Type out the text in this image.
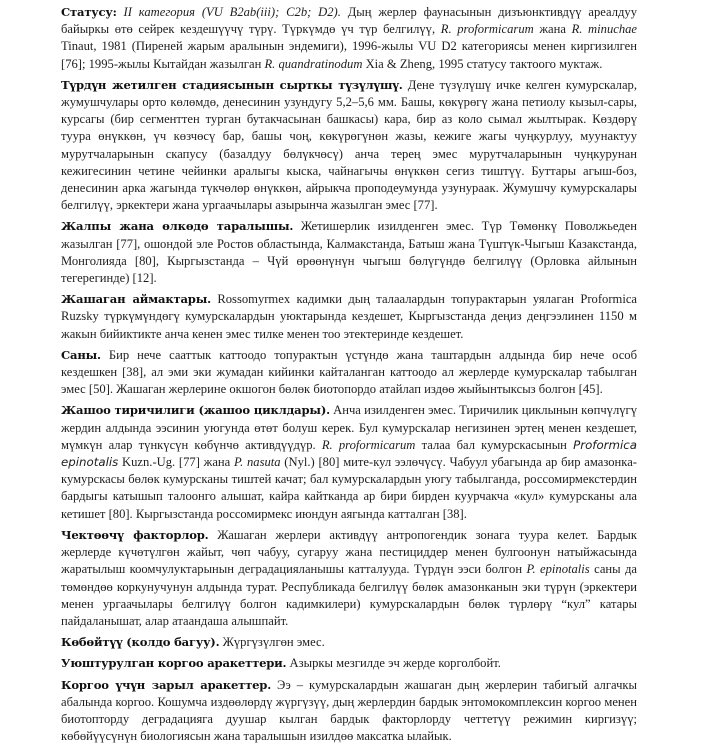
Статусу: II категория (VU B2ab(iii); C2b; D2). Дың жерлер фаунасынын дизъюнктивдүү ареалдуу байыркы өтө сейрек кездешүүчү түрү. Түркүмдө үч түр белгилүү, R. proformicarum жана R. minuchae Tinaut, 1981 (Пиреней жарым аралынын эндемиги), 1996-жылы VU D2 категориясы менен киргизилген [76]; 1995-жылы Кытайдан жазылган R. quandratinodum Xia & Zheng, 1995 статусу тактоого муктаж.

Түрдүн жетилген стадиясынын сырткы түзүлүшү. Дене түзүлүшү ичке келген кумурскалар, жумушчулары орто көлөмдө, денесинин узундугу 5,2–5,6 мм. Башы, көкүрөгү жана петиолу кызыл-сары, курсагы (бир сегменттен турган бутакчасынан башкасы) кара, бир аз коло сымал жылтырак. Көздөрү туура өнүккөн, үч көзчөсү бар, башы чоң, көкүрөгүнөн жазы, кежиге жагы чуңкурлуу, муунактуу мурутчаларынын скапусу (базалдуу бөлүкчөсү) анча терең эмес мурутчаларынын чуңкурунан кежигесинин четине чейинки аралыгы кыска, чайнагычы өнүккөн сегиз тиштүү. Буттары агыш-боз, денесинин арка жагында түкчөлөр өнүккөн, айрыкча проподеумунда узунураак. Жумушчу кумурскалары белгилүү, эркектери жана ургаачылары азырынча жазылган эмес [77].

Жалпы жана өлкөдө таралышы. Жетишерлик изилденген эмес. Түр Төмөнкү Поволжьеден жазылган [77], ошондой эле Ростов областында, Калмакстанда, Батыш жана Түштүк-Чыгыш Казакстанда, Монголияда [80], Кыргызстанда – Чүй өрөөнүнүн чыгыш бөлүгүндө белгилүү (Орловка айлынын тегерегинде) [12].

Жашаган аймактары. Rossomyrmex кадимки дың талаалардын топурактарын уялаган Proformica Ruzsky түркүмүндөгү кумурскалардын уюктарында кездешет, Кыргызстанда деңиз деңгээлинен 1150 м жакын бийиктикте анча кенен эмес тилке менен тоо этектеринде кездешет.

Саны. Бир нече сааттык каттоодо топурактын үстүндө жана таштардын алдында бир нече особ кездешкен [38], ал эми эки жумадан кийинки кайталанган каттоодо ал жерлерде кумурскалар табылган эмес [50]. Жашаган жерлерине окшогон бөлөк биотопордо атайлап издөө жыйынтыксыз болгон [45].

Жашоо тиричилиги (жашоо циклдары). Анча изилденген эмес. Тиричилик циклынын көпчүлүгү жердин алдында ээсинин уюгунда өтөт болуш керек. Бул кумурскалар негизинен эртең менен кездешет, мүмкүн алар түнкүсүн көбүнчө активдүүдүр. R. proformicarum талаа бал кумурскасынын Proformica epinotalis Kuzn.-Ug. [77] жана P. nasuta (Nyl.) [80] мите-кул ээлөчүсү. Чабуул убагында ар бир амазонка-кумурскасы бөлөк кумурсканы тиштей качат; бал кумурскалардын уюгу табылганда, россомирмекстердин бардыгы катышып талоонго алышат, кайра кайтканда ар бири бирден куурчакча «кул» кумурсканы ала кетишет [80]. Кыргызстанда россомирмекс июндун аягында катталган [38].

Чектөөчү факторлор. Жашаган жерлери активдүү антропогендик зонага туура келет. Бардык жерлерде күчөтүлгөн жайыт, чөп чабуу, сугаруу жана пестициддер менен булгоонун натыйжасында жаратылыш коомчулуктарынын деградацияланышы катталууда. Түрдүн ээси болгон P. epinotalis саны да төмөндөө коркунучунун алдында турат. Республикада белгилүү бөлөк амазонканын эки түрүн (эркектери менен ургаачылары белгилүү болгон кадимкилери) кумурскалардын бөлөк түрлөрү “кул” катары пайдаланышат, алар атаандаша алышпайт.

Көбөйтүү (колдо багуу). Жүргүзүлгөн эмес.

Уюштурулган коргоо аракеттери. Азыркы мезгилде эч жерде корголбойт.

Коргоо үчүн зарыл аракеттер. Ээ – кумурскалардын жашаган дың жерлерин табигый алгачкы абалында коргоо. Кошумча издөөлөрдү жүргүзүү, дың жерлердин бардык энтомокомплексин коргоо менен биотопторду деградацияга дуушар кылган бардык факторлорду четтетүү режимин киргизүү; көбөйүүсүнүн биологиясын жана таралышын изилдөө максатка ылайык.
